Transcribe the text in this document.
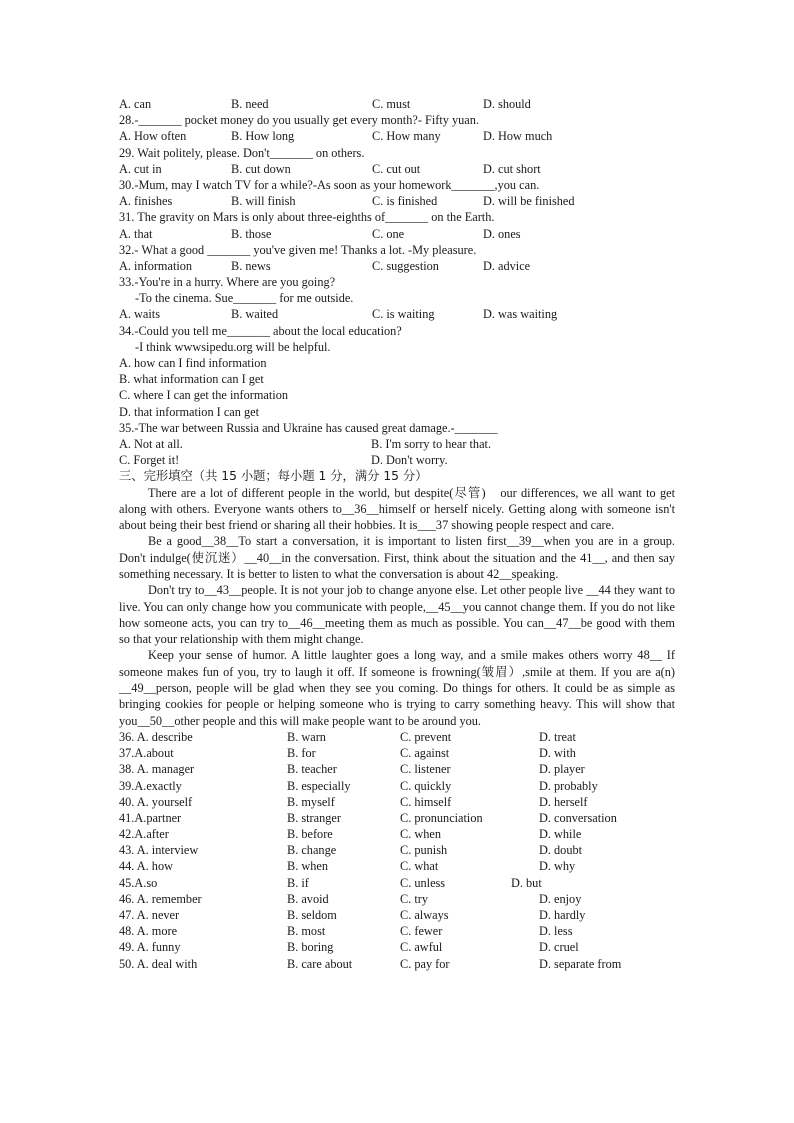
A. can	B. need	C. must	D. should
28.-_______ pocket money do you usually get every month?- Fifty yuan.
A. How often	B. How long	C. How many	D. How much
29. Wait politely, please. Don't_______ on others.
A. cut in	B. cut down	C. cut out	D. cut short
30.-Mum, may I watch TV for a while?-As soon as your homework_______,you can.
A. finishes	B. will finish	C. is finished	D. will be finished
31. The gravity on Mars is only about three-eighths of_______ on the Earth.
A. that	B. those	C. one	D. ones
32.- What a good _______ you've given me! Thanks a lot. -My pleasure.
A. information	B. news	C. suggestion	D. advice
33.-You're in a hurry. Where are you going?
-To the cinema. Sue_______ for me outside.
A. waits	B. waited	C. is waiting	D. was waiting
34.-Could you tell me_______ about the local education?
-I think wwwsipedu.org will be helpful.
A. how can I find information
B. what information can I get
C. where I can get the information
D. that information I can get
35.-The war between Russia and Ukraine has caused great damage.-_______
A. Not at all.	B. I'm sorry to hear that.
C. Forget it!	D. Don't worry.
三、完形填空（共 15 小题；每小题 1 分，满分 15 分）

There are a lot of different people in the world, but despite(尽管)　our differences, we all want to get along with others. Everyone wants others to__36__himself or herself nicely. Getting along with someone isn't about being their best friend or sharing all their hobbies. It is___37 showing people respect and care.

Be a good__38__To start a conversation, it is important to listen first__39__when you are in a group. Don't indulge(使沉迷）__40__in the conversation. First, think about the situation and the 41__, and then say something necessary. It is better to listen to what the conversation is about 42__speaking.

Don't try to__43__people. It is not your job to change anyone else. Let other people live __44 they want to live. You can only change how you communicate with people,__45__you cannot change them. If you do not like how someone acts, you can try to__46__meeting them as much as possible. You can__47__be good with them so that your relationship with them might change.

Keep your sense of humor. A little laughter goes a long way, and a smile makes others worry 48__ If someone makes fun of you, try to laugh it off. If someone is frowning(皱眉）,smile at them. If you are a(n) __49__person, people will be glad when they see you coming. Do things for others. It could be as simple as bringing cookies for people or helping someone who is trying to carry something heavy. This will show that you__50__other people and this will make people want to be around you.

36. A. describe	B. warn	C. prevent	D. treat
37.A.about	B. for	C. against	D. with
38. A. manager	B. teacher	C. listener	D. player
39.A.exactly	B. especially	C. quickly	D. probably
40. A. yourself	B. myself	C. himself	D. herself
41.A.partner	B. stranger	C. pronunciation	D. conversation
42.A.after	B. before	C. when	D. while
43. A. interview	B. change	C. punish	D. doubt
44. A. how	B. when	C. what	D. why
45.A.so	B. if	C. unless	D. but
46. A. remember	B. avoid	C. try	D. enjoy
47. A. never	B. seldom	C. always	D. hardly
48. A. more	B. most	C. fewer	D. less
49. A. funny	B. boring	C. awful	D. cruel
50. A. deal with	B. care about	C. pay for	D. separate from
